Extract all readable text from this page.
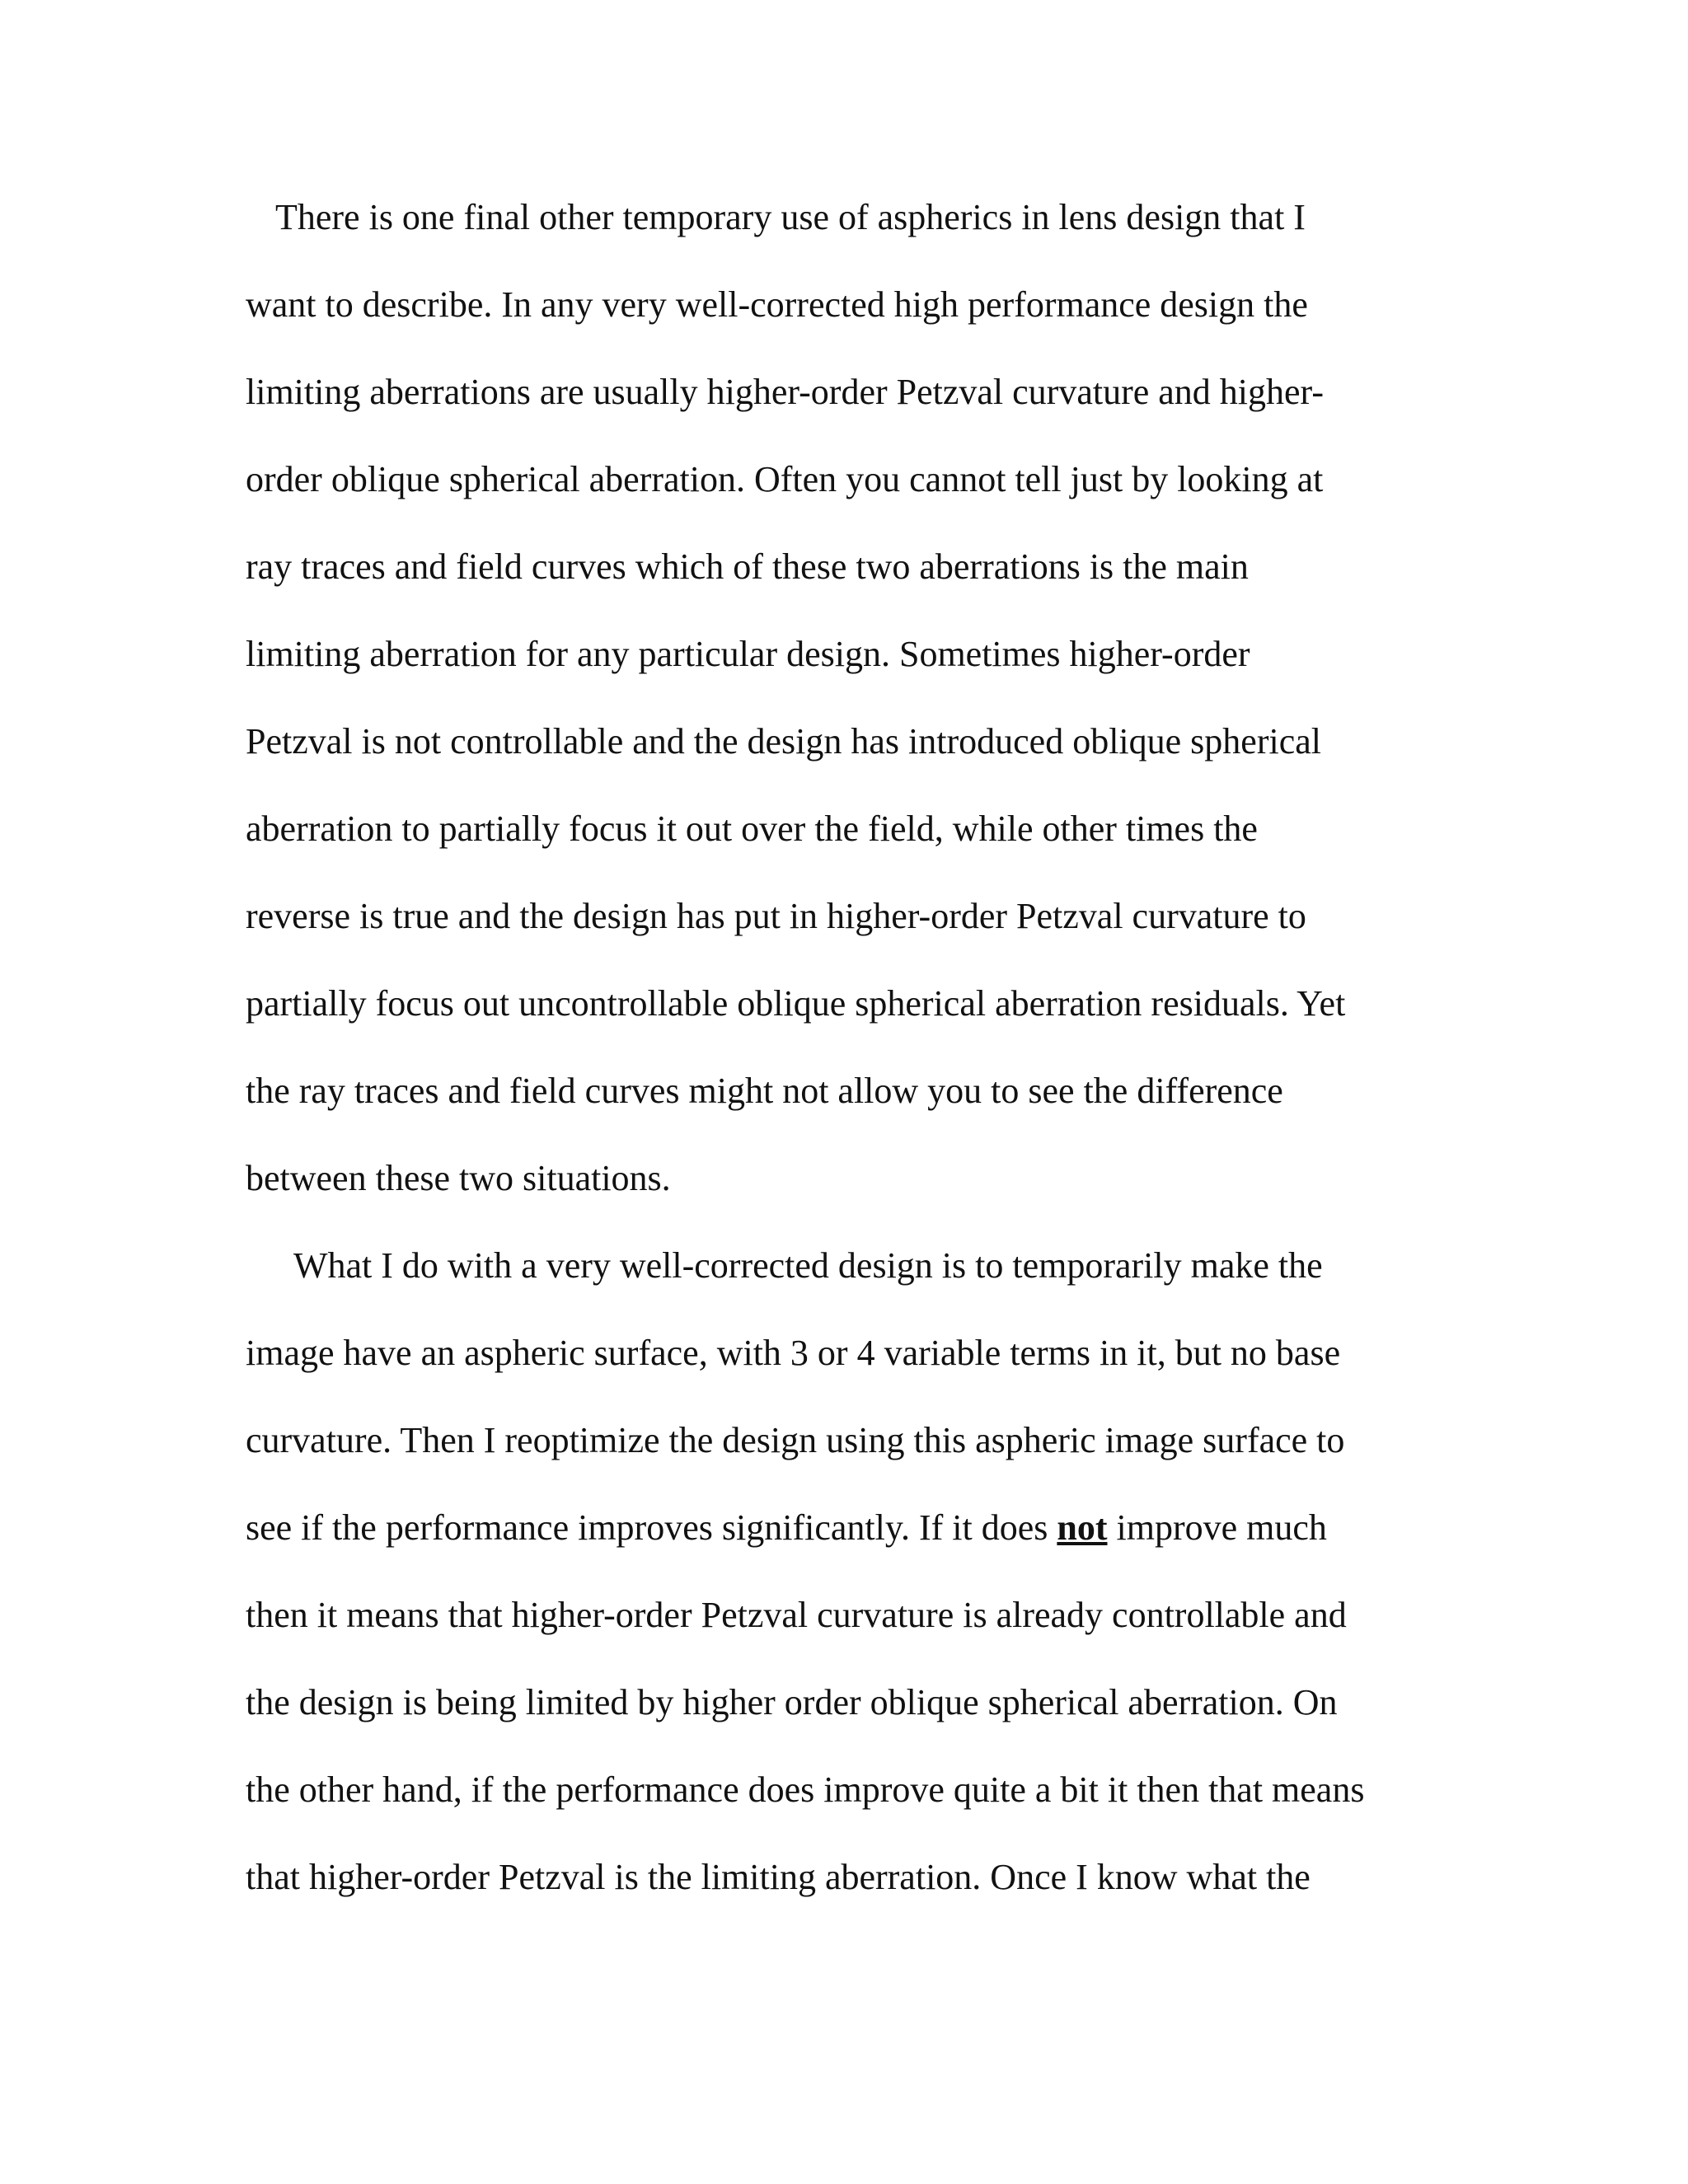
There is one final other temporary use of aspherics in lens design that I
want to describe. In any very well-corrected high performance design the
limiting aberrations are usually higher-order Petzval curvature and higher-
order oblique spherical aberration. Often you cannot tell just by looking at
ray traces and field curves which of these two aberrations is the main
limiting aberration for any particular design. Sometimes higher-order
Petzval is not controllable and the design has introduced oblique spherical
aberration to partially focus it out over the field, while other times the
reverse is true and the design has put in higher-order Petzval curvature to
partially focus out uncontrollable oblique spherical aberration residuals. Yet
the ray traces and field curves might not allow you to see the difference
between these two situations.
What I do with a very well-corrected design is to temporarily make the
image have an aspheric surface, with 3 or 4 variable terms in it, but no base
curvature. Then I reoptimize the design using this aspheric image surface to
see if the performance improves significantly. If it does not improve much
then it means that higher-order Petzval curvature is already controllable and
the design is being limited by higher order oblique spherical aberration. On
the other hand, if the performance does improve quite a bit it then that means
that higher-order Petzval is the limiting aberration. Once I know what the
